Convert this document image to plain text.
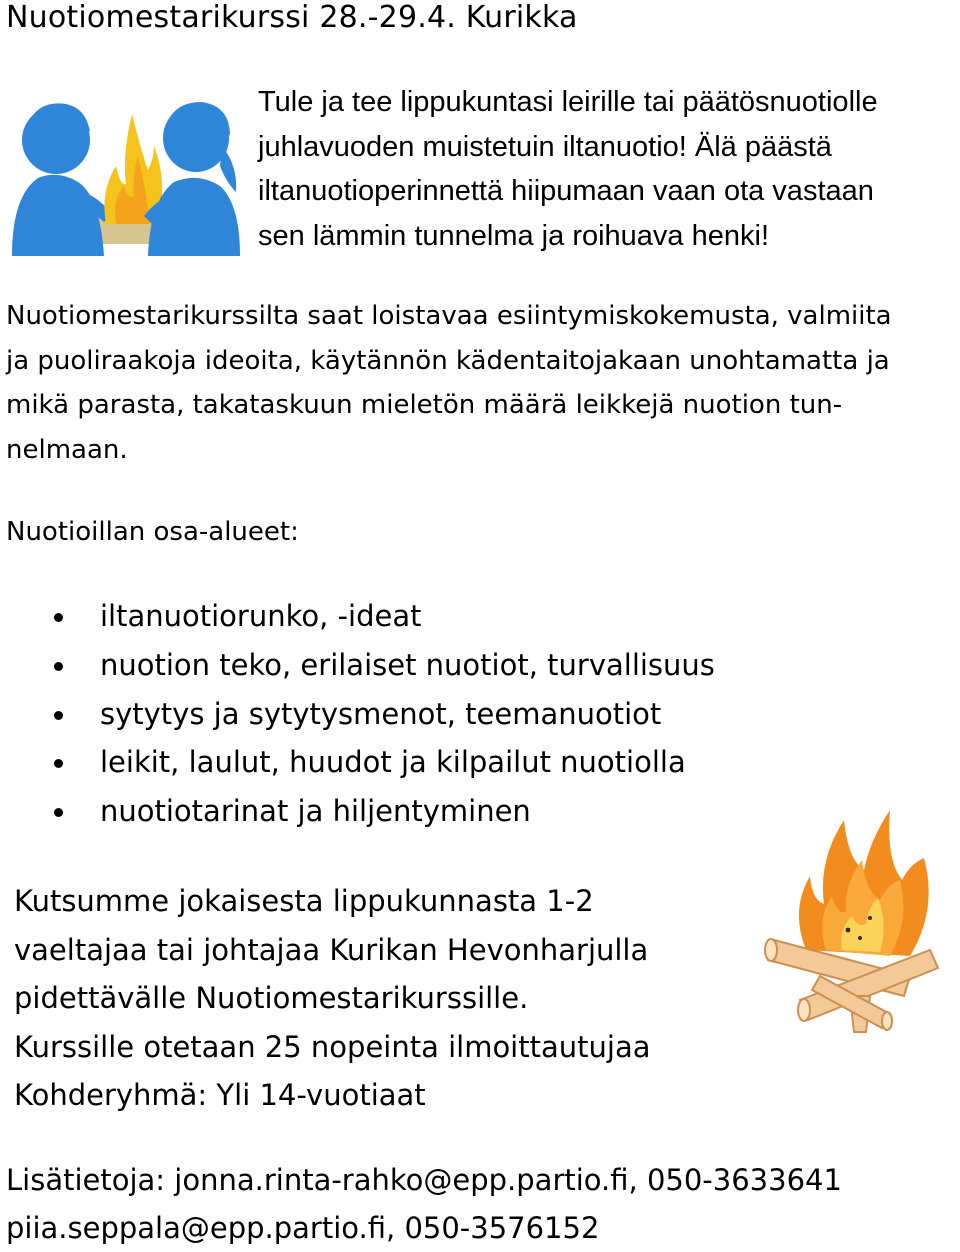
Nuotiomestarikurssi 28.-29.4. Kurikka
Tule ja tee lippukuntasi leirille tai päätösnuotiolle
juhlavuoden muistetuin iltanuotio! Älä päästä
iltanuotioperinnettä hiipumaan vaan ota vastaan
sen lämmin tunnelma ja roihuava henki!
Nuotiomestarikurssilta saat loistavaa esiintymiskokemusta, valmiita
ja puoliraakoja ideoita, käytännön kädentaitojakaan unohtamatta ja
mikä parasta, takataskuun mieletön määrä leikkejä nuotion tun-
nelmaan.
Nuotioillan osa-alueet:
iltanuotiorunko, -ideat
nuotion teko, erilaiset nuotiot, turvallisuus
sytytys ja sytytysmenot, teemanuotiot
leikit, laulut, huudot ja kilpailut nuotiolla
nuotiotarinat ja hiljentyminen
Kutsumme jokaisesta lippukunnasta 1-2
vaeltajaa tai johtajaa Kurikan Hevonharjulla
pidettävälle Nuotiomestarikurssille.
Kurssille otetaan 25 nopeinta ilmoittautujaa
Kohderyhmä: Yli 14-vuotiaat
Lisätietoja: jonna.rinta-rahko@epp.partio.fi, 050-3633641
piia.seppala@epp.partio.fi, 050-3576152
